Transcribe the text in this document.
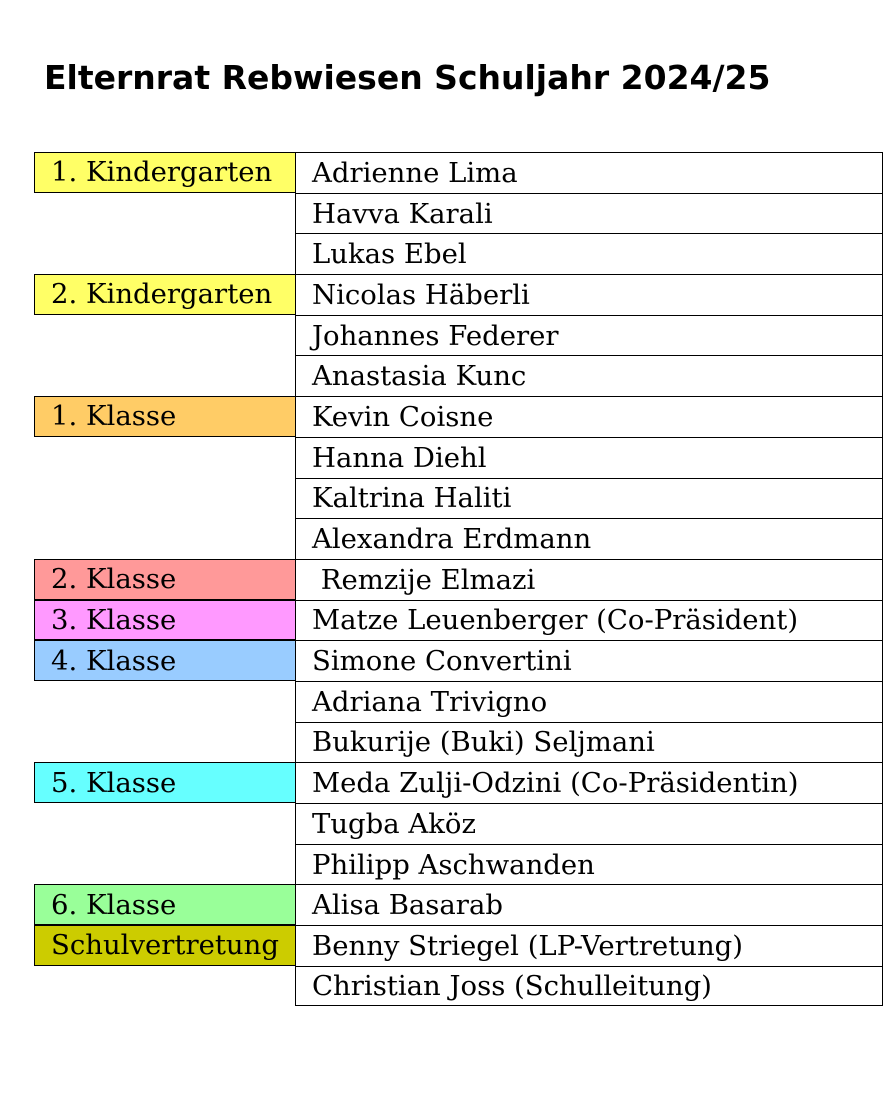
Elternrat Rebwiesen Schuljahr 2024/25
1. Kindergarten	Adrienne Lima
Havva Karali
Lukas Ebel
2. Kindergarten	Nicolas Häberli
Johannes Federer
Anastasia Kunc
1. Klasse	Kevin Coisne
Hanna Diehl
Kaltrina Haliti
Alexandra Erdmann
2. Klasse	Remzije Elmazi
3. Klasse	Matze Leuenberger (Co-Präsident)
4. Klasse	Simone Convertini
Adriana Trivigno
Bukurije (Buki) Seljmani
5. Klasse	Meda Zulji-Odzini (Co-Präsidentin)
Tugba Aköz
Philipp Aschwanden
6. Klasse	Alisa Basarab
Schulvertretung	Benny Striegel (LP-Vertretung)
Christian Joss (Schulleitung)
